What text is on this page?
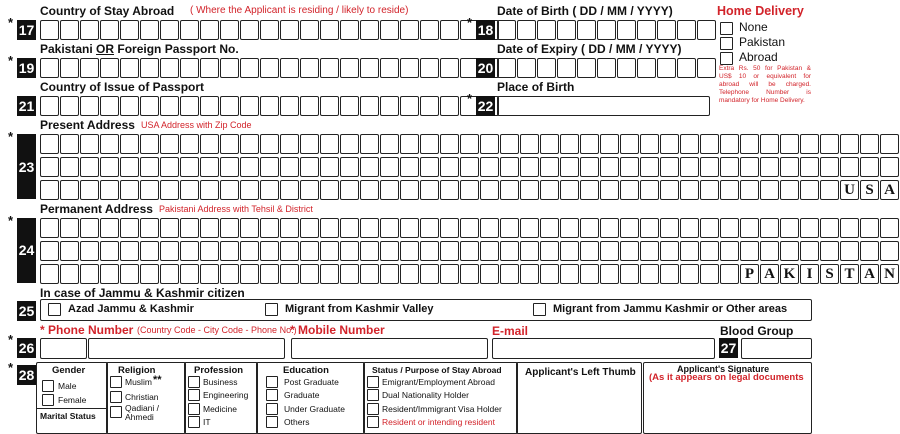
Country of Stay Abroad ( Where the Applicant is residing / likely to reside)
* 17
Date of Birth ( DD / MM / YYYY)
* 18
Home Delivery
None
Pakistan
Abroad
Extra Rs. 50 for Pakistan & US$ 10 or equivalent for abroad will be charged. Telephone Number is mandatory for Home Delivery.
Pakistani OR Foreign Passport No.
* 19
Date of Expiry ( DD / MM / YYYY)
20
Country of Issue of Passport
21
Place of Birth
* 22
Present Address USA Address with Zip Code
*
23
U S A
Permanent Address Pakistani Address with Tehsil & District
*
24
P A K I S T A N
In case of Jammu & Kashmir citizen
25	Azad Jammu & Kashmir	Migrant from Kashmir Valley	Migrant from Jammu Kashmir or Other areas
* Phone Number (Country Code - City Code - Phone No.)
* Mobile Number	E-mail	Blood Group
*
26	27
* 28 Gender
Male
Female
Marital Status
Religion
Muslim **
Christian
Qadiani / Ahmedi
Profession
Business
Engineering
Medicine
IT
Education
Post Graduate
Graduate
Under Graduate
Others
Status / Purpose of Stay Abroad
Emigrant/Employment Abroad
Dual Nationality Holder
Resident/Immigrant Visa Holder
Resident or intending resident
Applicant's Left Thumb	Applicant's Signature
(As it appears on legal documents
